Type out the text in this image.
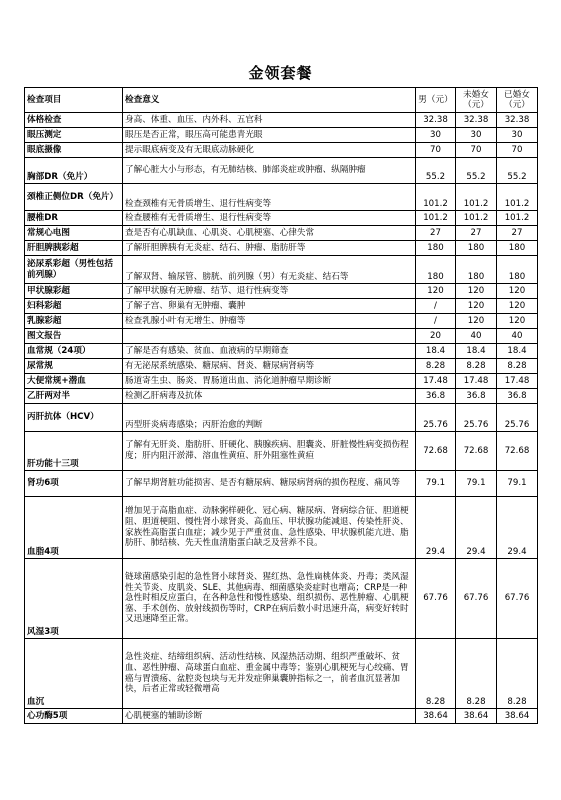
金领套餐
检查项目	检查意义	男（元）	未婚女（元）	已婚女（元）
体格检查	身高、体重、血压、内外科、五官科	32.38	32.38	32.38
眼压测定	眼压是否正常，眼压高可能患青光眼	30	30	30
眼底摄像	提示眼底病变及有无眼底动脉硬化	70	70	70
胸部DR（免片）	了解心脏大小与形态，有无肺结核、肺部炎症或肿瘤、纵隔肿瘤	55.2	55.2	55.2
颈椎正侧位DR（免片）	检查颈椎有无骨质增生、退行性病变等	101.2	101.2	101.2
腰椎DR	检查腰椎有无骨质增生、退行性病变等	101.2	101.2	101.2
常规心电图	查是否有心肌缺血、心肌炎、心肌梗塞、心律失常	27	27	27
肝胆脾胰彩超	了解肝胆脾胰有无炎症、结石、肿瘤、脂肪肝等	180	180	180
泌尿系彩超（男性包括前列腺）	了解双肾、输尿管、膀胱、前列腺（男）有无炎症、结石等	180	180	180
甲状腺彩超	了解甲状腺有无肿瘤、结节、退行性病变等	120	120	120
妇科彩超	了解子宫、卵巢有无肿瘤、囊肿	/	120	120
乳腺彩超	检查乳腺小叶有无增生、肿瘤等	/	120	120
图文报告		20	40	40
血常规（24项）	了解是否有感染、贫血、血液病的早期筛查	18.4	18.4	18.4
尿常规	有无泌尿系统感染、糖尿病、肾炎、糖尿病肾病等	8.28	8.28	8.28
大便常规+潜血	肠道寄生虫、肠炎、胃肠道出血、消化道肿瘤早期诊断	17.48	17.48	17.48
乙肝两对半	检测乙肝病毒及抗体	36.8	36.8	36.8
丙肝抗体（HCV）	丙型肝炎病毒感染；丙肝治愈的判断	25.76	25.76	25.76
肝功能十三项	了解有无肝炎、脂肪肝、肝硬化、胰腺疾病、胆囊炎、肝脏慢性病变损伤程度；肝内阻汗淤滞、溶血性黄疸、肝外阻塞性黄疸	72.68	72.68	72.68
肾功6项	了解早期肾脏功能损害、是否有糖尿病、糖尿病肾病的损伤程度、痛风等	79.1	79.1	79.1
血脂4项	增加见于高脂血症、动脉粥样硬化、冠心病、糖尿病、肾病综合征、胆道梗阻、胆道梗阻、慢性肾小球肾炎、高血压、甲状腺功能减退、传染性肝炎、家族性高脂蛋白血症；减少见于严重贫血、急性感染、甲状腺机能亢进、脂肪肝、肺结核、先天性血清脂蛋白缺乏及营养不良。	29.4	29.4	29.4
风湿3项	链球菌感染引起的急性肾小球肾炎、猩红热、急性扁桃体炎、丹毒；类风湿性关节炎、皮肌炎、SLE、其他病毒、细菌感染炎症时也增高；CRP是一种急性时相反应蛋白，在各种急性和慢性感染、组织损伤、恶性肿瘤、心肌梗塞、手术创伤、放射线损伤等时，CRP在病后数小时迅速升高，病变好转时又迅速降至正常。	67.76	67.76	67.76
血沉	急性炎症、结缔组织病、活动性结核、风湿热活动期、组织严重破坏、贫血、恶性肿瘤、高球蛋白血症、重金属中毒等；鉴别心肌梗死与心绞痛、胃癌与胃溃疡、盆腔炎包块与无并发症卵巢囊肿指标之一，前者血沉显著加快，后者正常或轻微增高	8.28	8.28	8.28
心功酶5项	心肌梗塞的辅助诊断	38.64	38.64	38.64
